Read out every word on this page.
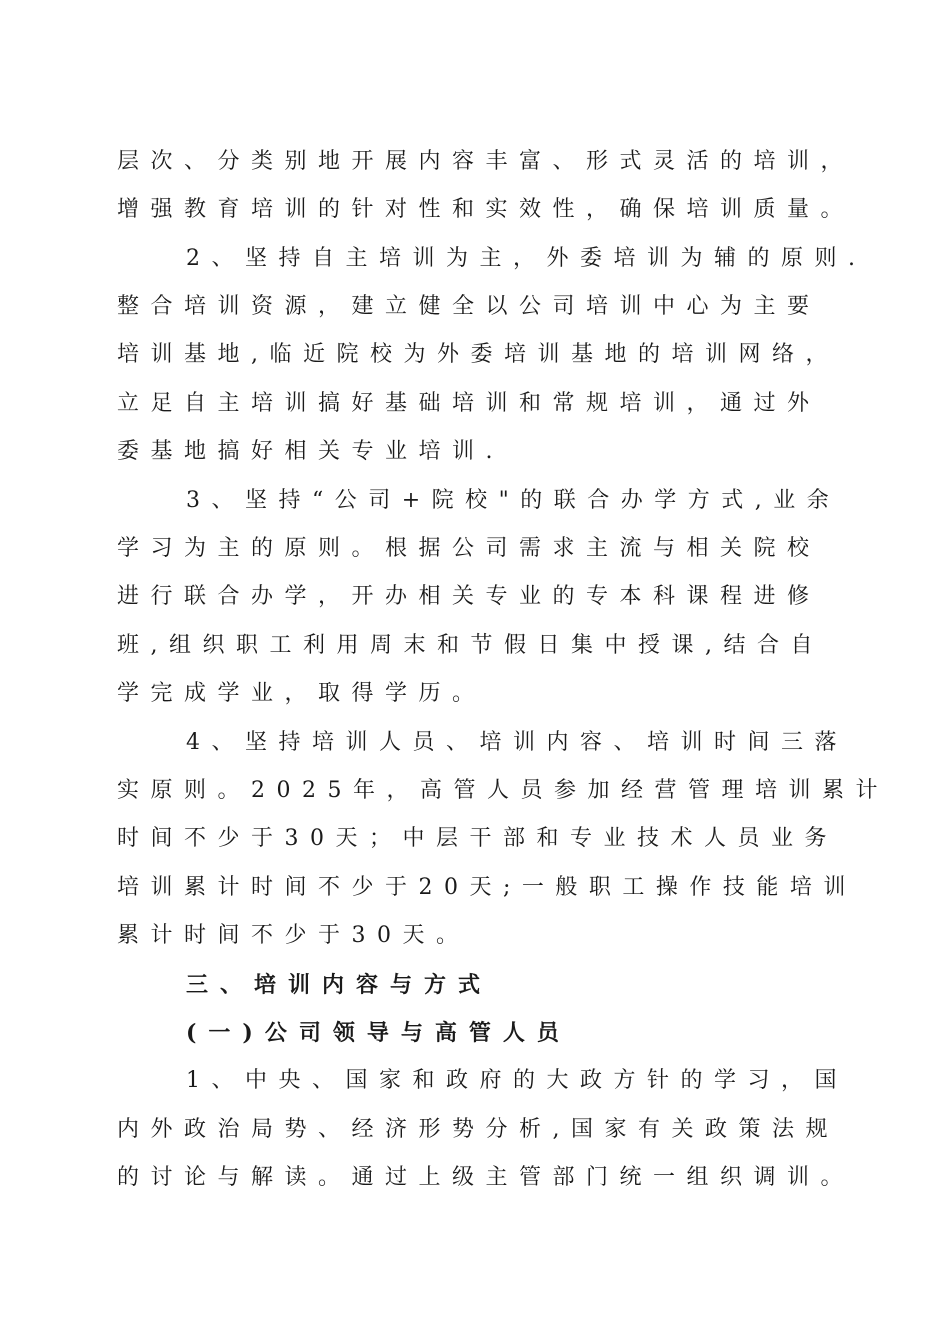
层次、分类别地开展内容丰富、形式灵活的培训，
增强教育培训的针对性和实效性，确保培训质量。
2、坚持自主培训为主，外委培训为辅的原则.
整合培训资源，建立健全以公司培训中心为主要
培训基地,临近院校为外委培训基地的培训网络，
立足自主培训搞好基础培训和常规培训，通过外
委基地搞好相关专业培训.
3、坚持“公司+院校"的联合办学方式,业余
学习为主的原则。根据公司需求主流与相关院校
进行联合办学，开办相关专业的专本科课程进修
班,组织职工利用周末和节假日集中授课,结合自
学完成学业，取得学历。
4、坚持培训人员、培训内容、培训时间三落
实原则。2025年，高管人员参加经营管理培训累计
时间不少于30天；中层干部和专业技术人员业务
培训累计时间不少于20天;一般职工操作技能培训
累计时间不少于30天。
三、培训内容与方式
(一)公司领导与高管人员
1、中央、国家和政府的大政方针的学习，国
内外政治局势、经济形势分析,国家有关政策法规
的讨论与解读。通过上级主管部门统一组织调训。
